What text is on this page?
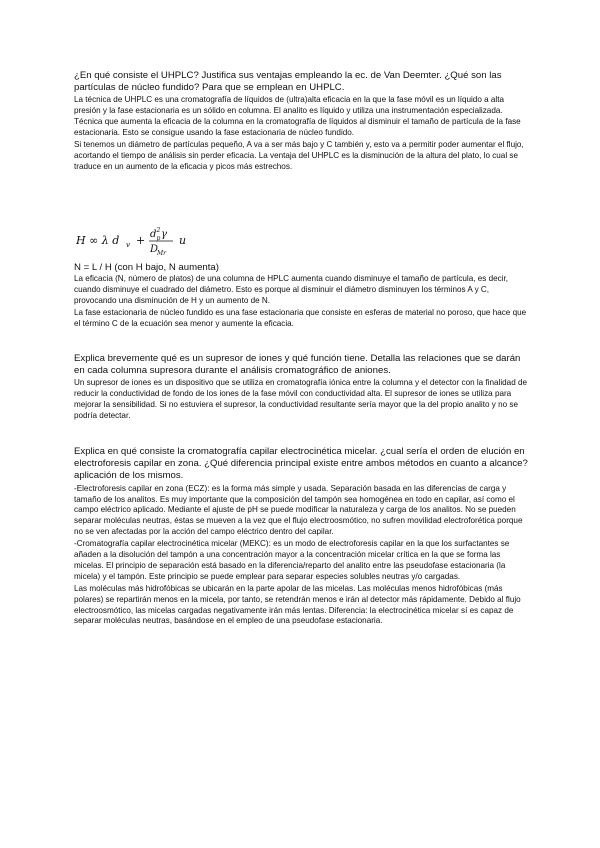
¿En qué consiste el UHPLC? Justifica sus ventajas empleando la ec. de Van Deemter. ¿Qué son las partículas de núcleo fundido? Para que se emplean en UHPLC.

La técnica de UHPLC es una cromatografía de líquidos de (ultra)alta eficacia en la que la fase móvil es un líquido a alta presión y la fase estacionaria es un sólido en columna. El analito es líquido y utiliza una instrumentación especializada. Técnica que aumenta la eficacia de la columna en la cromatografía de líquidos al disminuir el tamaño de partícula de la fase estacionaria. Esto se consigue usando la fase estacionaria de núcleo fundido.

Si tenemos un diámetro de partículas pequeño, A va a ser más bajo y C también y, esto va a permitir poder aumentar el flujo, acortando el tiempo de análisis sin perder eficacia. La ventaja del UHPLC es la disminución de la altura del plato, lo cual se traduce en un aumento de la eficacia y picos más estrechos.

H ∞ λ d v + d 2
p γ
D
Mr
u

N = L / H (con H bajo, N aumenta)

La eficacia (N, número de platos) de una columna de HPLC aumenta cuando disminuye el tamaño de partícula, es decir, cuando disminuye el cuadrado del diámetro. Esto es porque al disminuir el diámetro disminuyen los términos A y C, provocando una disminución de H y un aumento de N.

La fase estacionaria de núcleo fundido es una fase estacionaria que consiste en esferas de material no poroso, que hace que el término C de la ecuación sea menor y aumente la eficacia.

Explica brevemente qué es un supresor de iones y qué función tiene. Detalla las relaciones que se darán en cada columna supresora durante el análisis cromatográfico de aniones.

Un supresor de iones es un dispositivo que se utiliza en cromatografía iónica entre la columna y el detector con la finalidad de reducir la conductividad de fondo de los iones de la fase móvil con conductividad alta. El supresor de iones se utiliza para mejorar la sensibilidad. Si no estuviera el supresor, la conductividad resultante sería mayor que la del propio analito y no se podría detectar.

Explica en qué consiste la cromatografía capilar electrocinética micelar. ¿cual sería el orden de elución en electroforesis capilar en zona. ¿Qué diferencia principal existe entre ambos métodos en cuanto a alcance? aplicación de los mismos.

-Electroforesis capilar en zona (ECZ): es la forma más simple y usada. Separación basada en las diferencias de carga y tamaño de los analitos. Es muy importante que la composición del tampón sea homogénea en todo en capilar, así como el campo eléctrico aplicado. Mediante el ajuste de pH se puede modificar la naturaleza y carga de los analitos. No se pueden separar moléculas neutras, éstas se mueven a la vez que el flujo electroosmótico, no sufren movilidad electroforética porque no se ven afectadas por la acción del campo eléctrico dentro del capilar.

-Cromatografía capilar electrocinética micelar (MEKC): es un modo de electroforesis capilar en la que los surfactantes se añaden a la disolución del tampón a una concentración mayor a la concentración micelar crítica en la que se forma las micelas. El principio de separación está basado en la diferencia/reparto del analito entre las pseudofase estacionaria (la micela) y el tampón. Este principio se puede emplear para separar especies solubles neutras y/o cargadas.

Las moléculas más hidrofóbicas se ubicarán en la parte apolar de las micelas. Las moléculas menos hidrofóbicas (más polares) se repartirán menos en la micela, por tanto, se retendrán menos e irán al detector más rápidamente. Debido al flujo electroosmótico, las micelas cargadas negativamente irán más lentas. Diferencia: la electrocinética micelar sí es capaz de separar moléculas neutras, basándose en el empleo de una pseudofase estacionaria.
